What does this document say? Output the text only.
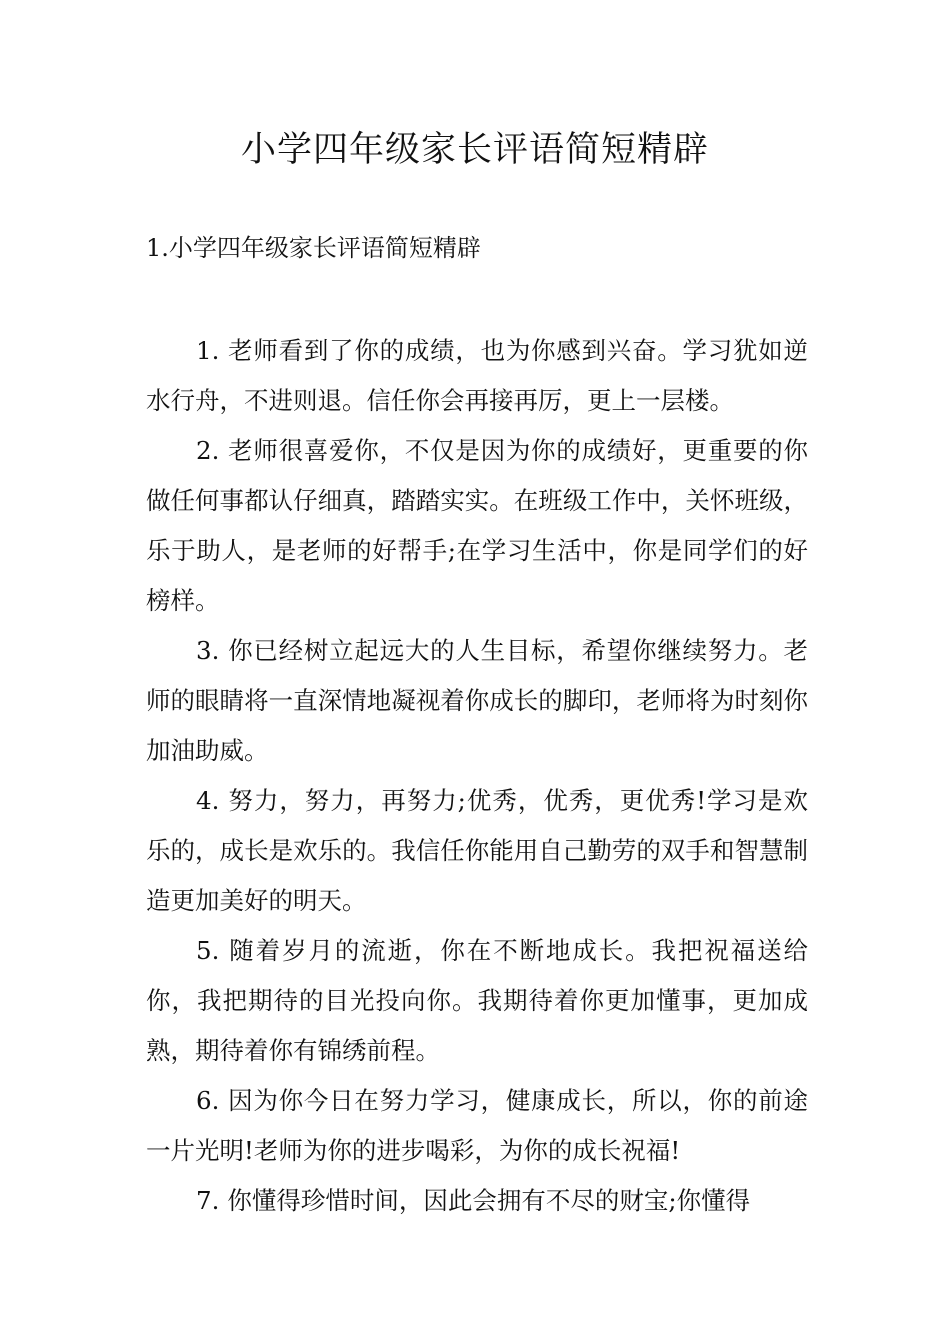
小学四年级家长评语简短精辟
1.小学四年级家长评语简短精辟

1. 老师看到了你的成绩，也为你感到兴奋。学习犹如逆水行舟，不进则退。信任你会再接再厉，更上一层楼。

2. 老师很喜爱你，不仅是因为你的成绩好，更重要的你做任何事都认仔细真，踏踏实实。在班级工作中，关怀班级，乐于助人，是老师的好帮手;在学习生活中，你是同学们的好榜样。

3. 你已经树立起远大的人生目标，希望你继续努力。老师的眼睛将一直深情地凝视着你成长的脚印，老师将为时刻你加油助威。

4. 努力，努力，再努力;优秀，优秀，更优秀!学习是欢乐的，成长是欢乐的。我信任你能用自己勤劳的双手和智慧制造更加美好的明天。

5. 随着岁月的流逝，你在不断地成长。我把祝福送给你，我把期待的目光投向你。我期待着你更加懂事，更加成熟，期待着你有锦绣前程。

6. 因为你今日在努力学习，健康成长，所以，你的前途一片光明!老师为你的进步喝彩，为你的成长祝福!

7. 你懂得珍惜时间，因此会拥有不尽的财宝;你懂得
